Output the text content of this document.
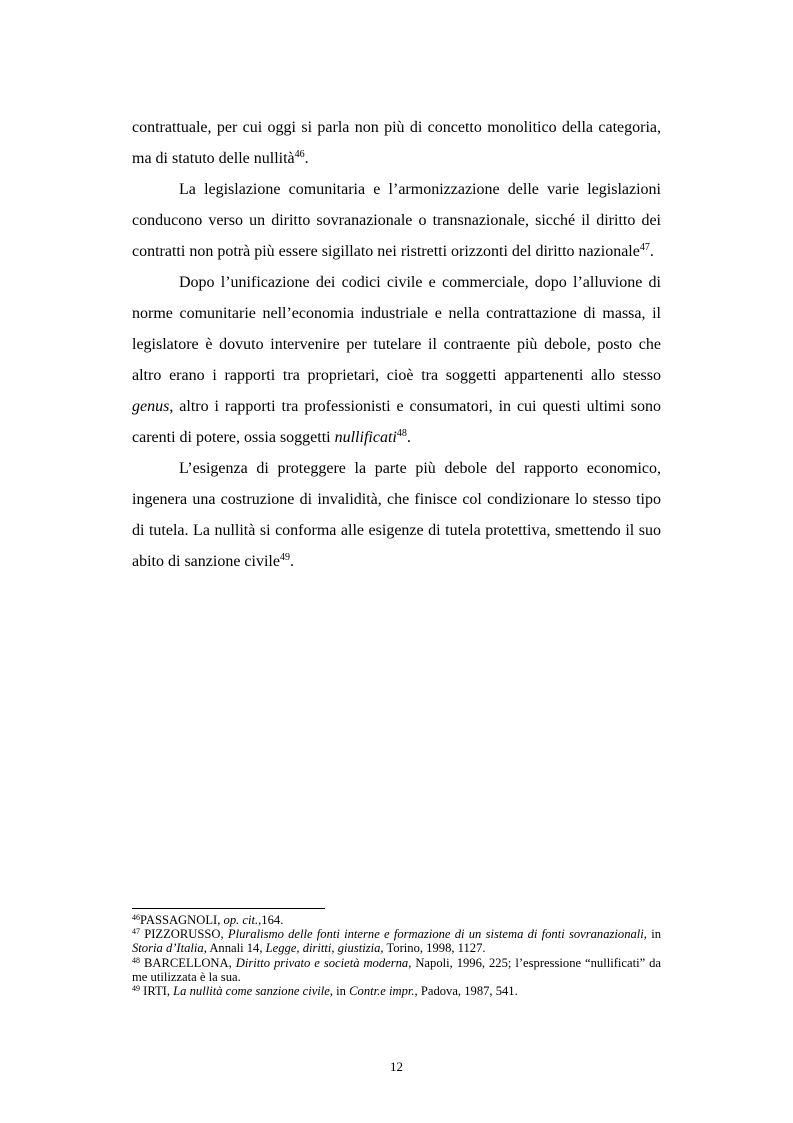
contrattuale, per cui oggi si parla non più di concetto monolitico della categoria, ma di statuto delle nullità$^{46}$.

La legislazione comunitaria e l’armonizzazione delle varie legislazioni conducono verso un diritto sovranazionale o transnazionale, sicché il diritto dei contratti non potrà più essere sigillato nei ristretti orizzonti del diritto nazionale$^{47}$.

Dopo l’unificazione dei codici civile e commerciale, dopo l’alluvione di norme comunitarie nell’economia industriale e nella contrattazione di massa, il legislatore è dovuto intervenire per tutelare il contraente più debole, posto che altro erano i rapporti tra proprietari, cioè tra soggetti appartenenti allo stesso genus, altro i rapporti tra professionisti e consumatori, in cui questi ultimi sono carenti di potere, ossia soggetti nullificati$^{48}$.

L’esigenza di proteggere la parte più debole del rapporto economico, ingenera una costruzione di invalidità, che finisce col condizionare lo stesso tipo di tutela. La nullità si conforma alle esigenze di tutela protettiva, smettendo il suo abito di sanzione civile$^{49}$.

$^{46}$PASSAGNOLI, op. cit.,164.

$^{47}$ PIZZORUSSO, Pluralismo delle fonti interne e formazione di un sistema di fonti sovranazionali, in Storia d’Italia, Annali 14, Legge, diritti, giustizia, Torino, 1998, 1127.

$^{48}$ BARCELLONA, Diritto privato e società moderna, Napoli, 1996, 225; l’espressione “nullificati” da me utilizzata è la sua.

$^{49}$ IRTI, La nullità come sanzione civile, in Contr.e impr., Padova, 1987, 541.

12
